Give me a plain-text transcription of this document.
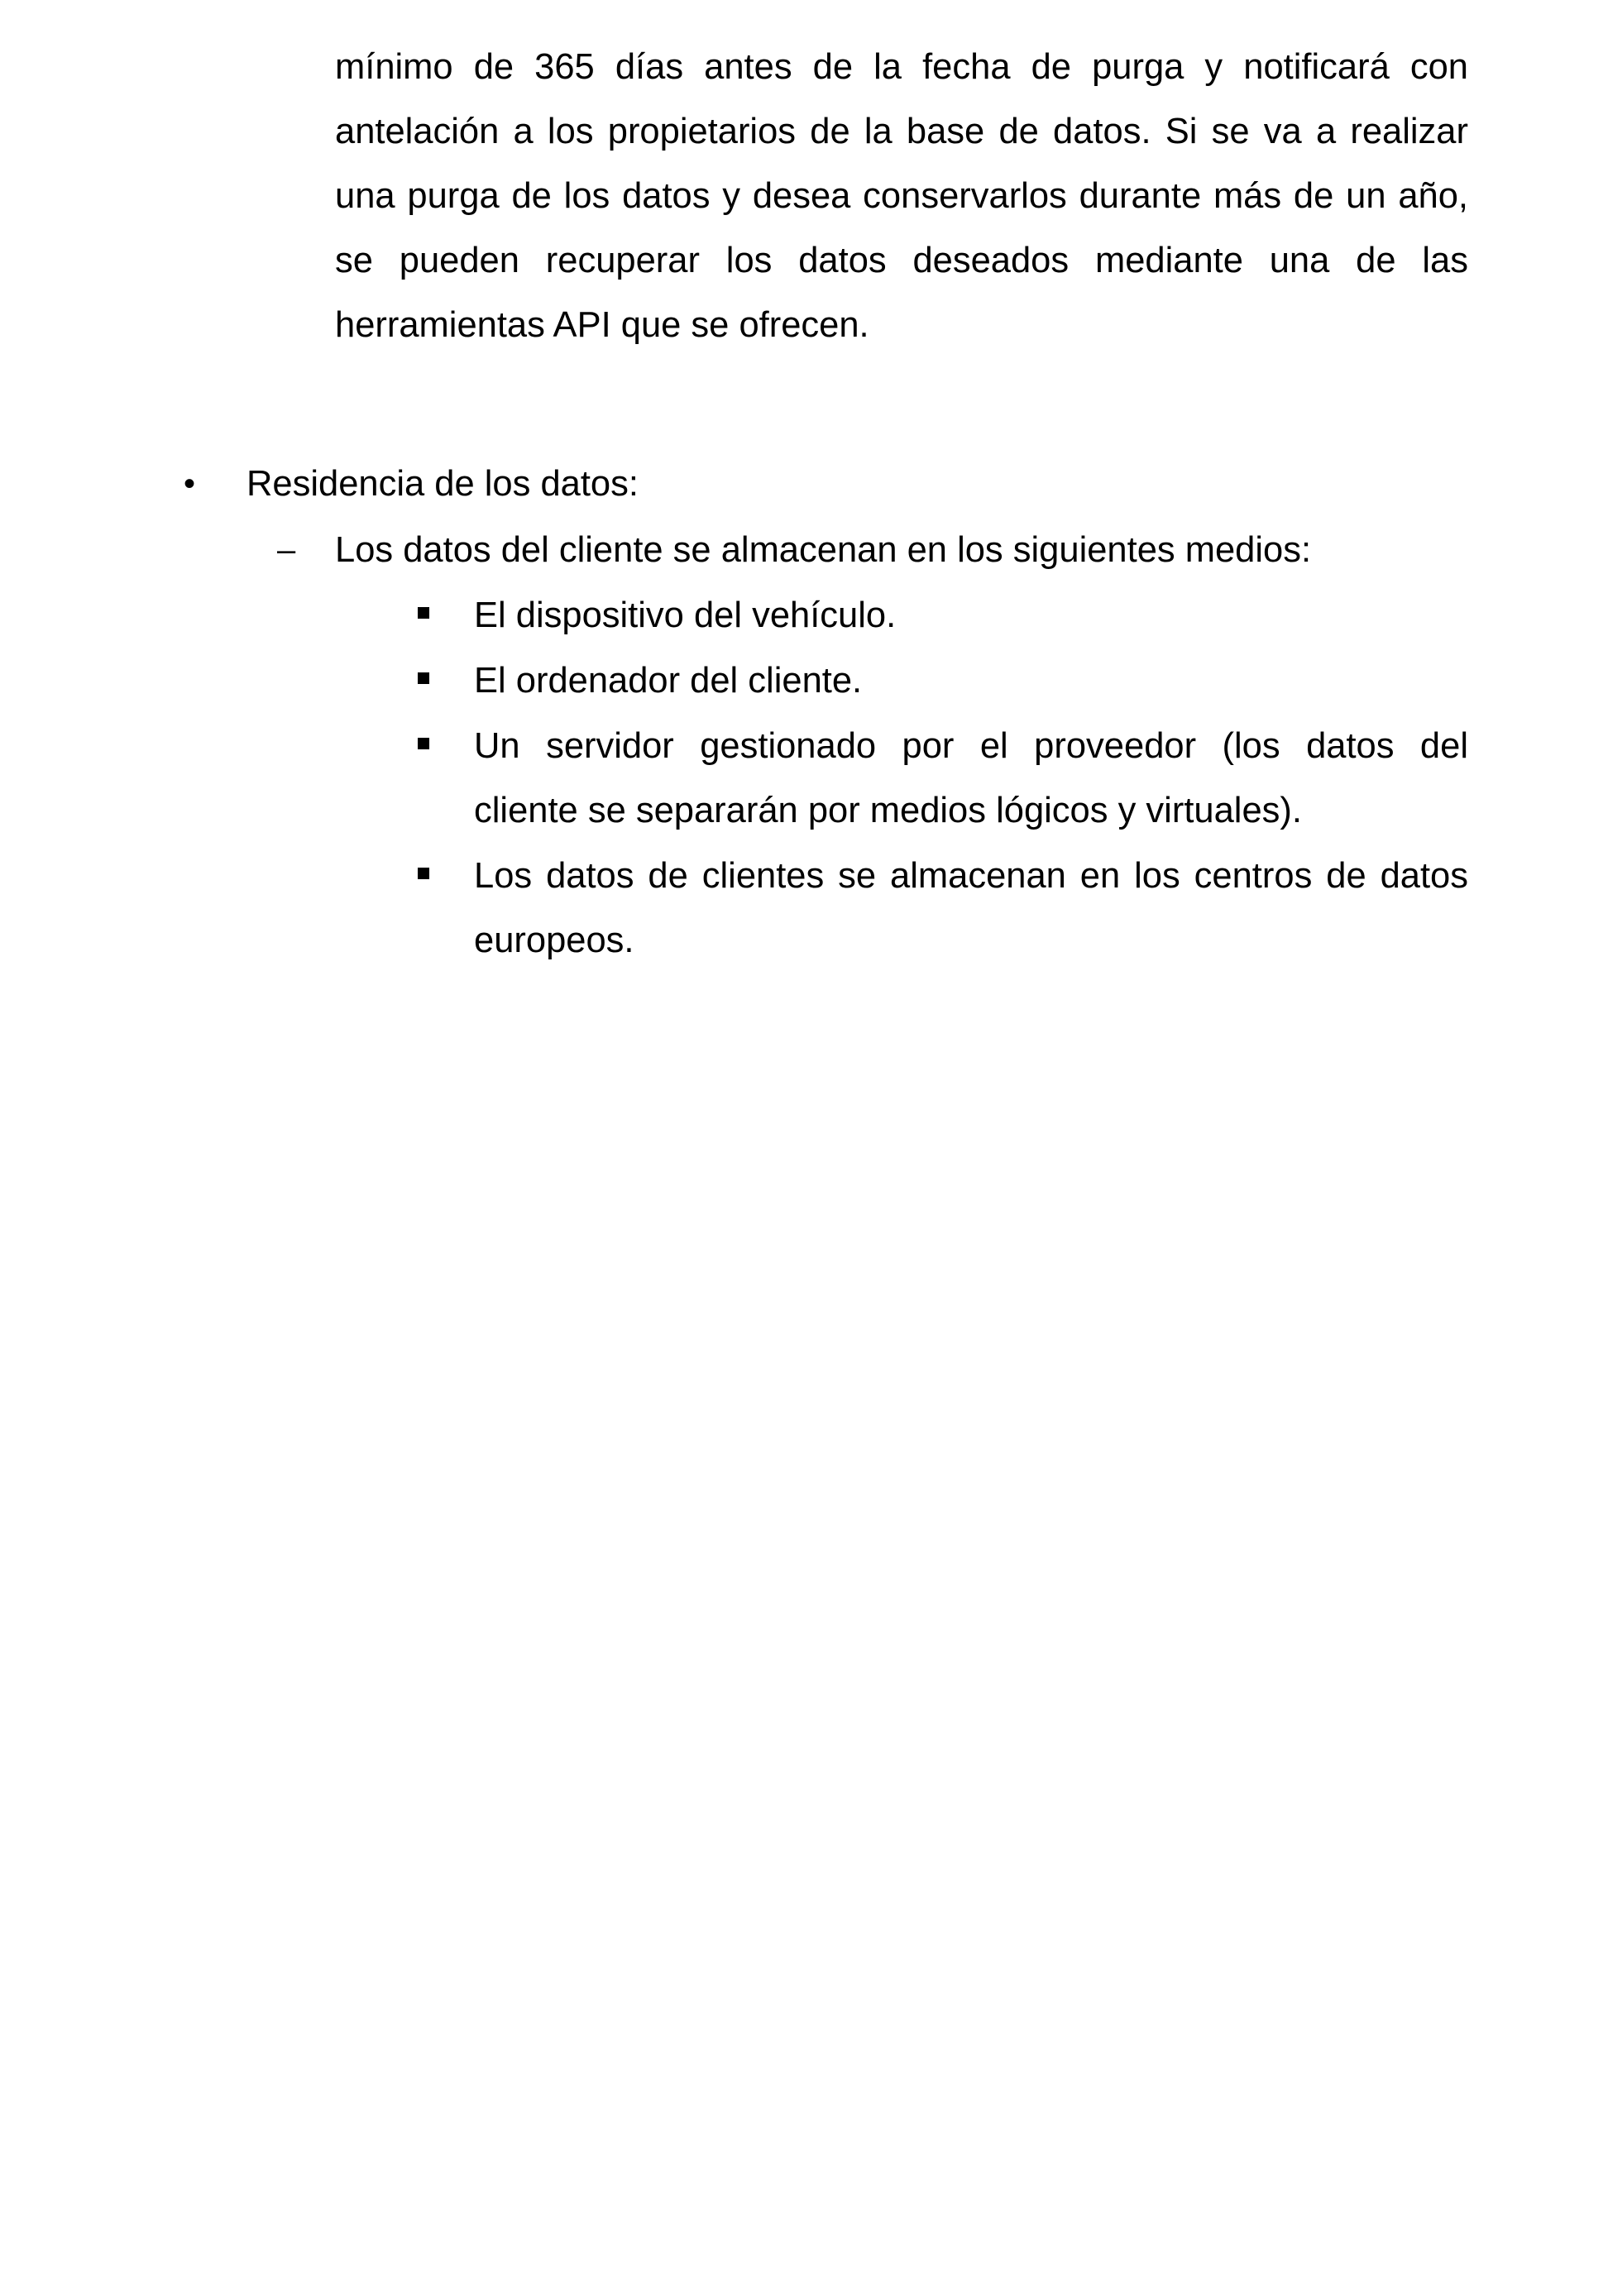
mínimo de 365 días antes de la fecha de purga y notificará con
antelación a los propietarios de la base de datos. Si se va a realizar
una purga de los datos y desea conservarlos durante más de un año,
se pueden recuperar los datos deseados mediante una de las
herramientas API que se ofrecen.
• Residencia de los datos:
– Los datos del cliente se almacenan en los siguientes medios:
El dispositivo del vehículo.
El ordenador del cliente.
Un servidor gestionado por el proveedor (los datos del
cliente se separarán por medios lógicos y virtuales).
Los datos de clientes se almacenan en los centros de datos
europeos.
